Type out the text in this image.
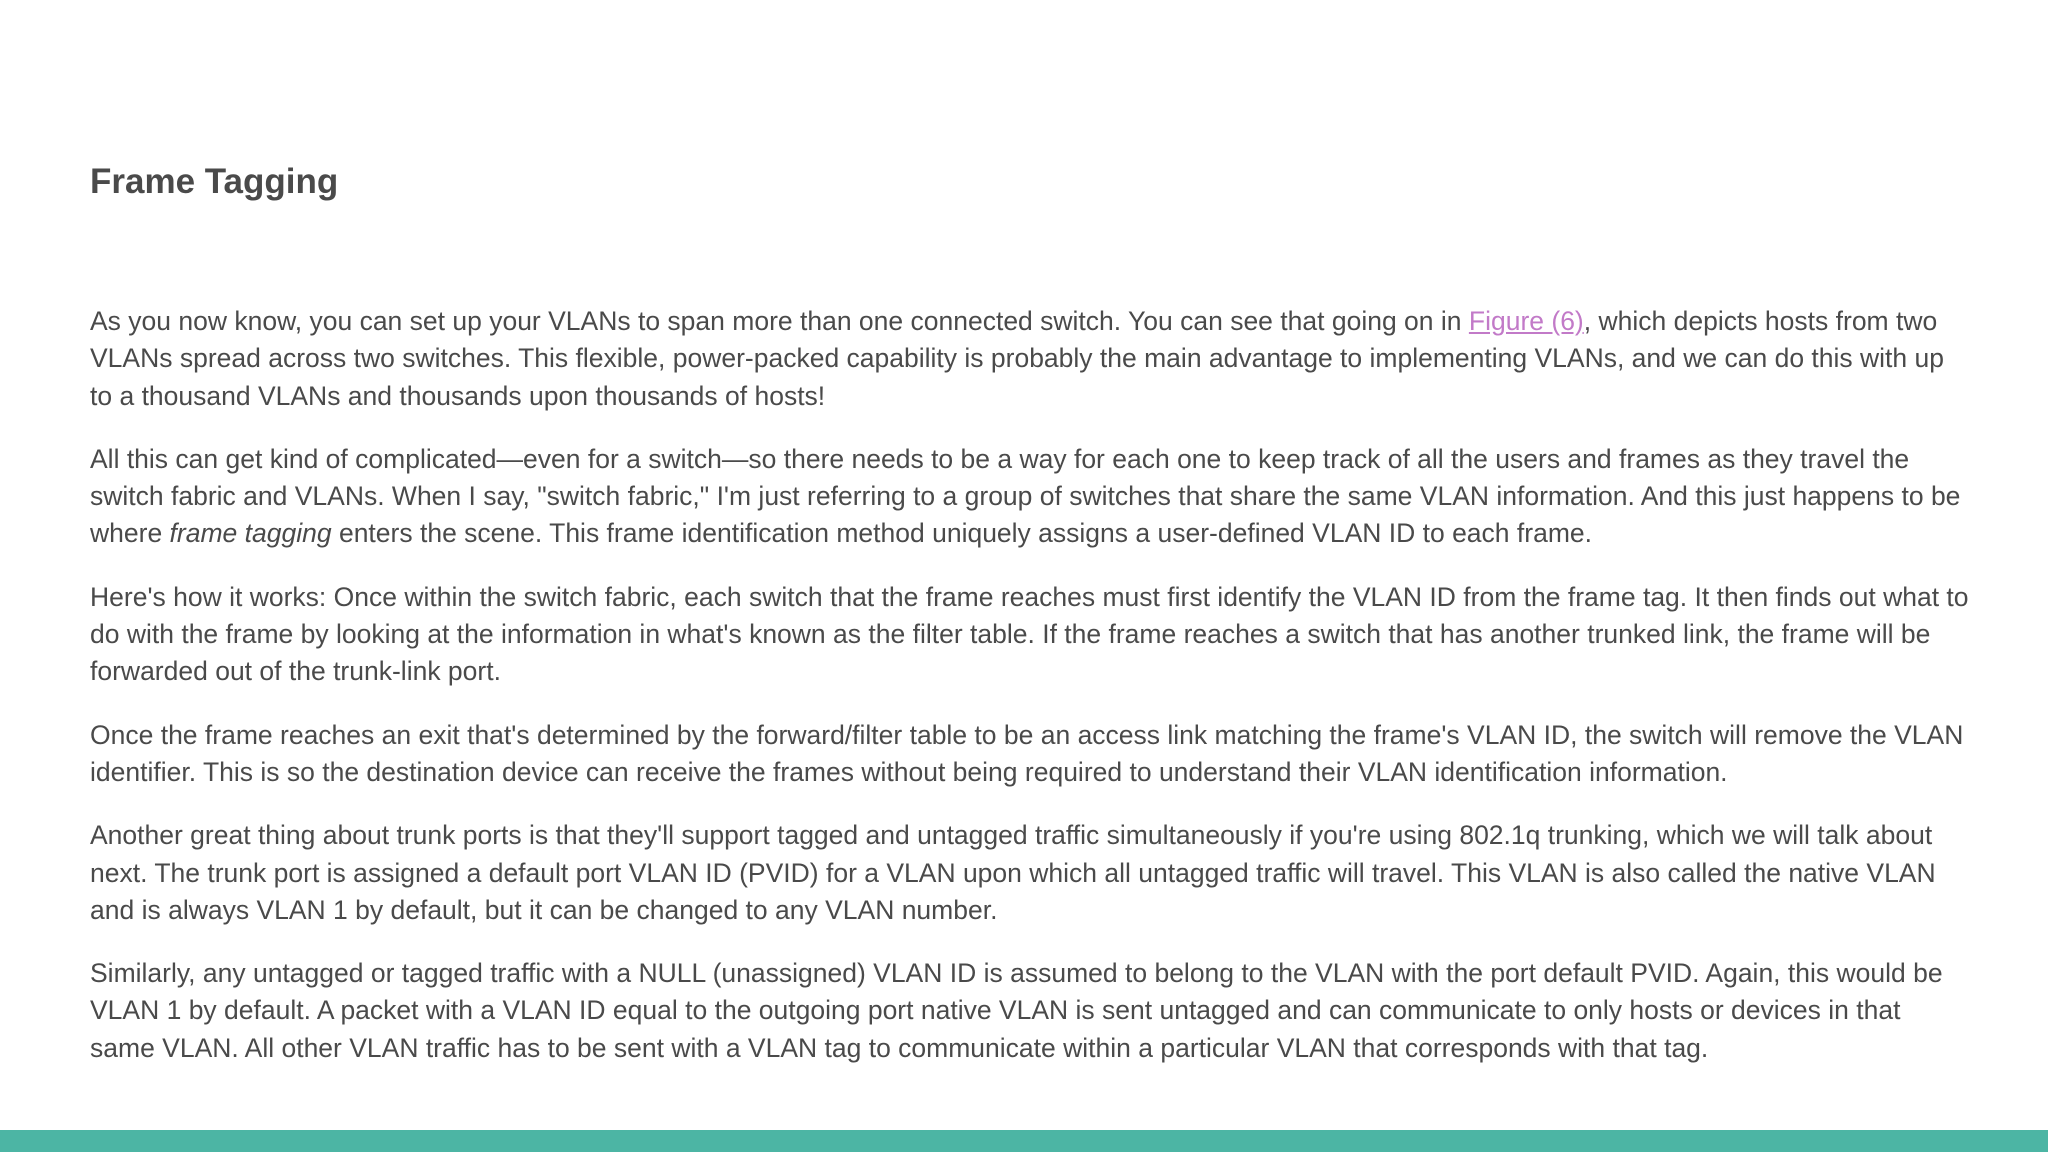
Frame Tagging

As you now know, you can set up your VLANs to span more than one connected switch. You can see that going on in Figure (6), which depicts hosts from two VLANs spread across two switches. This flexible, power-packed capability is probably the main advantage to implementing VLANs, and we can do this with up to a thousand VLANs and thousands upon thousands of hosts!

All this can get kind of complicated—even for a switch—so there needs to be a way for each one to keep track of all the users and frames as they travel the switch fabric and VLANs. When I say, "switch fabric," I'm just referring to a group of switches that share the same VLAN information. And this just happens to be where frame tagging enters the scene. This frame identification method uniquely assigns a user-defined VLAN ID to each frame.

Here's how it works: Once within the switch fabric, each switch that the frame reaches must first identify the VLAN ID from the frame tag. It then finds out what to do with the frame by looking at the information in what's known as the filter table. If the frame reaches a switch that has another trunked link, the frame will be forwarded out of the trunk-link port.

Once the frame reaches an exit that's determined by the forward/filter table to be an access link matching the frame's VLAN ID, the switch will remove the VLAN identifier. This is so the destination device can receive the frames without being required to understand their VLAN identification information.

Another great thing about trunk ports is that they'll support tagged and untagged traffic simultaneously if you're using 802.1q trunking, which we will talk about next. The trunk port is assigned a default port VLAN ID (PVID) for a VLAN upon which all untagged traffic will travel. This VLAN is also called the native VLAN and is always VLAN 1 by default, but it can be changed to any VLAN number.

Similarly, any untagged or tagged traffic with a NULL (unassigned) VLAN ID is assumed to belong to the VLAN with the port default PVID. Again, this would be VLAN 1 by default. A packet with a VLAN ID equal to the outgoing port native VLAN is sent untagged and can communicate to only hosts or devices in that same VLAN. All other VLAN traffic has to be sent with a VLAN tag to communicate within a particular VLAN that corresponds with that tag.
